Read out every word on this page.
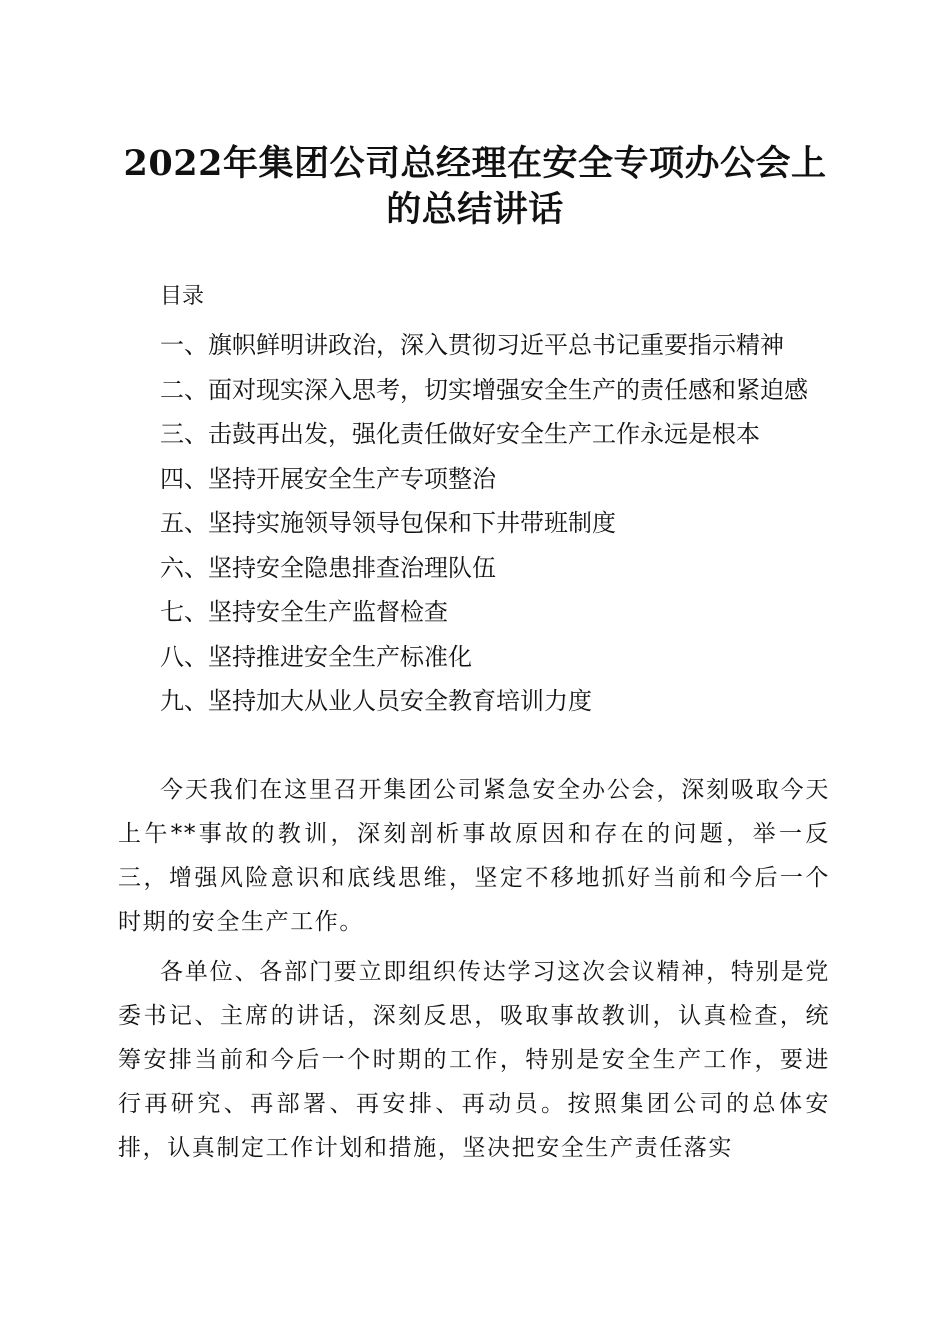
2022年集团公司总经理在安全专项办公会上
的总结讲话
目录
一、旗帜鲜明讲政治，深入贯彻习近平总书记重要指示精神
二、面对现实深入思考，切实增强安全生产的责任感和紧迫感
三、击鼓再出发，强化责任做好安全生产工作永远是根本
四、坚持开展安全生产专项整治
五、坚持实施领导领导包保和下井带班制度
六、坚持安全隐患排查治理队伍
七、坚持安全生产监督检查
八、坚持推进安全生产标准化
九、坚持加大从业人员安全教育培训力度

今天我们在这里召开集团公司紧急安全办公会，深刻吸取今天上午**事故的教训，深刻剖析事故原因和存在的问题，举一反三，增强风险意识和底线思维，坚定不移地抓好当前和今后一个时期的安全生产工作。

各单位、各部门要立即组织传达学习这次会议精神，特别是党委书记、主席的讲话，深刻反思，吸取事故教训，认真检查，统筹安排当前和今后一个时期的工作，特别是安全生产工作，要进行再研究、再部署、再安排、再动员。按照集团公司的总体安排，认真制定工作计划和措施，坚决把安全生产责任落实
